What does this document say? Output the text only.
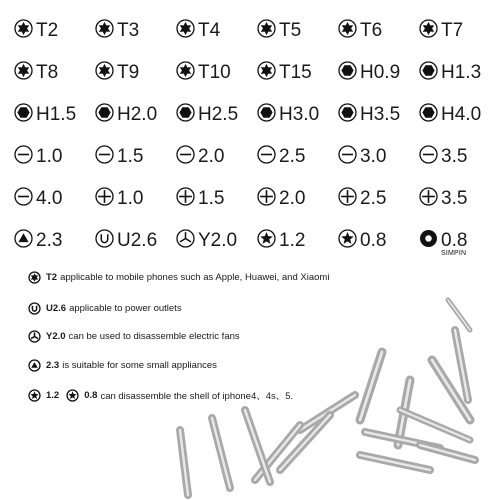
T2	T3	T4	T5	T6	T7
T8	T9	T10	T15	H0.9 H1.3
H1.5 H2.0 H2.5 H3.0 H3.5 H4.0
1.0	1.5	2.0	2.5	3.0	3.5
4.0	1.0	1.5	2.0	2.5	3.5
2.3	U2.6 Y2.0 1.2	0.8	0.8
SIMPIN
T2 applicable to mobile phones such as Apple, Huawei, and Xiaomi
U2.6 applicable to power outlets
Y2.0 can be used to disassemble electric fans
2.3 is suitable for some small appliances
1.2	0.8 can disassemble the shell of iphone4、4s、5.
